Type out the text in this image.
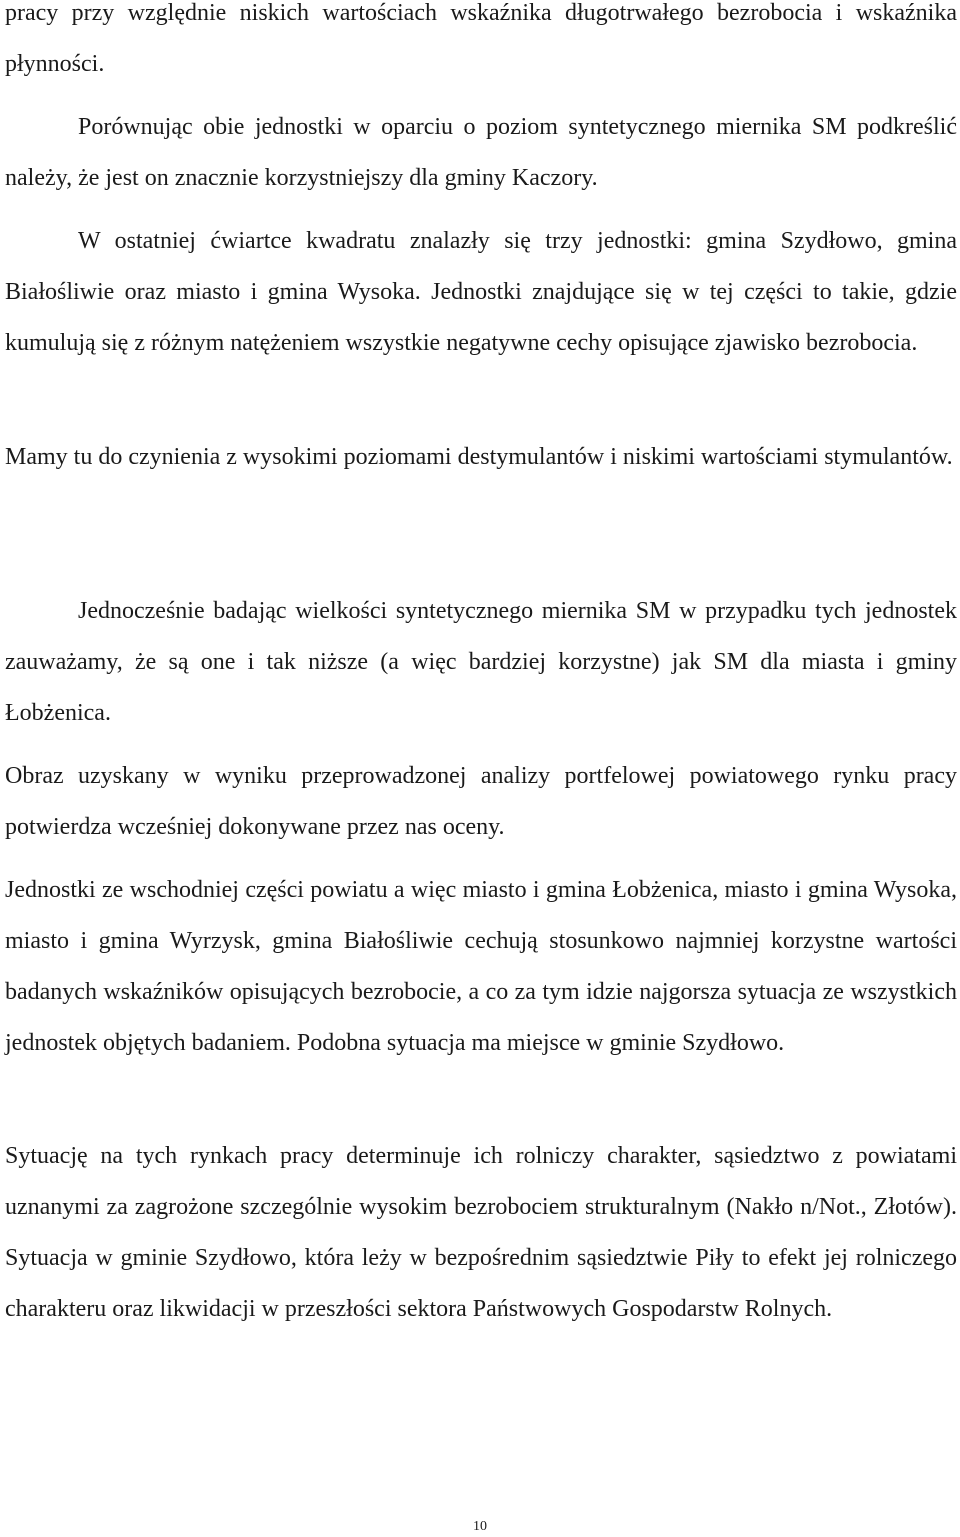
pracy przy względnie niskich wartościach wskaźnika długotrwałego bezrobocia i wskaźnika płynności.

Porównując obie jednostki w oparciu o poziom syntetycznego miernika SM podkreślić należy, że jest on znacznie korzystniejszy dla gminy Kaczory.

W ostatniej ćwiartce kwadratu znalazły się trzy jednostki: gmina Szydłowo, gmina Białośliwie oraz miasto i gmina Wysoka. Jednostki znajdujące się w tej części to takie, gdzie kumulują się z różnym natężeniem wszystkie negatywne cechy opisujące zjawisko bezrobocia.

Mamy tu do czynienia z wysokimi poziomami destymulantów i niskimi wartościami stymulantów.

Jednocześnie badając wielkości syntetycznego miernika SM w przypadku tych jednostek zauważamy, że są one i tak niższe (a więc bardziej korzystne) jak SM dla miasta i gminy Łobżenica.

Obraz uzyskany w wyniku przeprowadzonej analizy portfelowej powiatowego rynku pracy potwierdza wcześniej dokonywane przez nas oceny.

Jednostki ze wschodniej części powiatu a więc miasto i gmina Łobżenica, miasto i gmina Wysoka, miasto i gmina Wyrzysk, gmina Białośliwie cechują stosunkowo najmniej korzystne wartości badanych wskaźników opisujących bezrobocie, a co za tym idzie najgorsza sytuacja ze wszystkich jednostek objętych badaniem. Podobna sytuacja ma miejsce w gminie Szydłowo.

Sytuację na tych rynkach pracy determinuje ich rolniczy charakter, sąsiedztwo z powiatami uznanymi za zagrożone szczególnie wysokim bezrobociem strukturalnym (Nakło n/Not., Złotów). Sytuacja w gminie Szydłowo, która leży w bezpośrednim sąsiedztwie Piły to efekt jej rolniczego charakteru oraz likwidacji w przeszłości sektora Państwowych Gospodarstw Rolnych.

10
